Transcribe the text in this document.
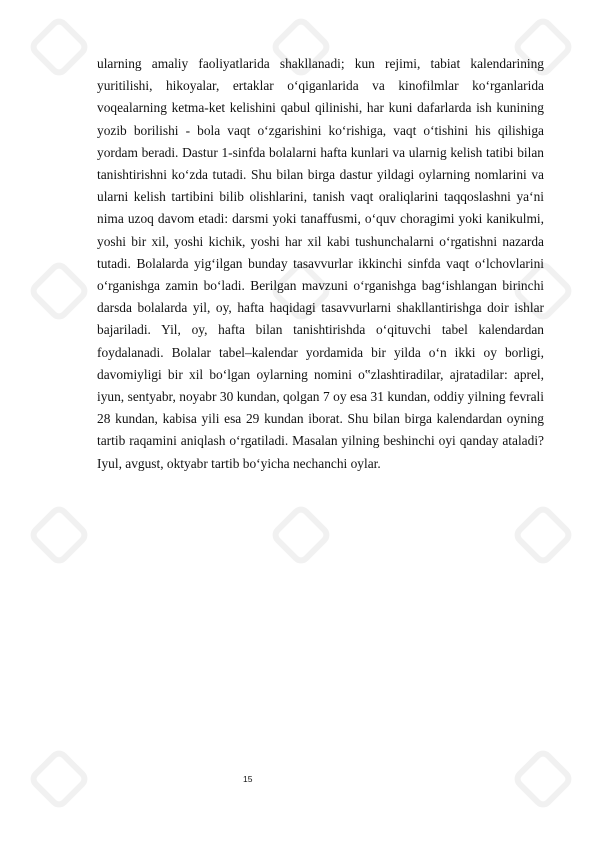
ularning amaliy faoliyatlarida shakllanadi; kun rejimi, tabiat kalendarining yuritilishi, hikoyalar, ertaklar o‘qiganlarida va kinofilmlar ko‘rganlarida voqealarning ketma-ket kelishini qabul qilinishi, har kuni dafarlarda ish kunining yozib borilishi - bola vaqt o‘zgarishini ko‘rishiga, vaqt o‘tishini his qilishiga yordam beradi. Dastur 1-sinfda bolalarni hafta kunlari va ularnig kelish tatibi bilan tanishtirishni ko‘zda tutadi. Shu bilan birga dastur yildagi oylarning nomlarini va ularni kelish tartibini bilib olishlarini, tanish vaqt oraliqlarini taqqoslashni ya‘ni nima uzoq davom etadi: darsmi yoki tanaffusmi, o‘quv choragimi yoki kanikulmi, yoshi bir xil, yoshi kichik, yoshi har xil kabi tushunchalarni o‘rgatishni nazarda tutadi. Bolalarda yig‘ilgan bunday tasavvurlar ikkinchi sinfda vaqt o‘lchovlarini o‘rganishga zamin bo‘ladi. Berilgan mavzuni o‘rganishga bag‘ishlangan birinchi darsda bolalarda yil, oy, hafta haqidagi tasavvurlarni shakllantirishga doir ishlar bajariladi. Yil, oy, hafta bilan tanishtirishda o‘qituvchi tabel kalendardan foydalanadi. Bolalar tabel–kalendar yordamida bir yilda o‘n ikki oy borligi, davomiyligi bir xil bo‘lgan oylarning nomini o‟zlashtiradilar, ajratadilar: aprel, iyun, sentyabr, noyabr 30 kundan, qolgan 7 oy esa 31 kundan, oddiy yilning fevrali 28 kundan, kabisa yili esa 29 kundan iborat. Shu bilan birga kalendardan oyning tartib raqamini aniqlash o‘rgatiladi. Masalan yilning beshinchi oyi qanday ataladi? Iyul, avgust, oktyabr tartib bo‘yicha nechanchi oylar.

15
